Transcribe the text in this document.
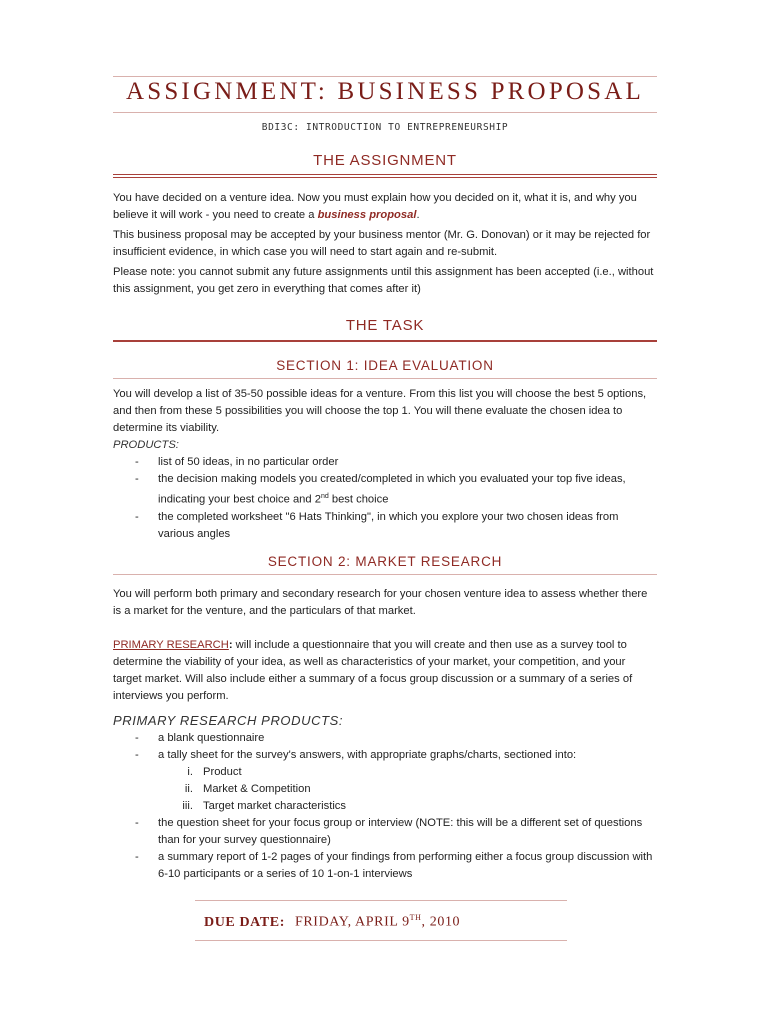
ASSIGNMENT: BUSINESS PROPOSAL
BDI3C: INTRODUCTION TO ENTREPRENEURSHIP
THE ASSIGNMENT

You have decided on a venture idea. Now you must explain how you decided on it, what it is, and why you believe it will work - you need to create a business proposal.

This business proposal may be accepted by your business mentor (Mr. G. Donovan) or it may be rejected for insufficient evidence, in which case you will need to start again and re-submit.

Please note: you cannot submit any future assignments until this assignment has been accepted (i.e., without this assignment, you get zero in everything that comes after it)

THE TASK
SECTION 1: IDEA EVALUATION

You will develop a list of 35-50 possible ideas for a venture. From this list you will choose the best 5 options, and then from these 5 possibilities you will choose the top 1. You will thene evaluate the chosen idea to determine its viability.

PRODUCTS:

- list of 50 ideas, in no particular order
- the decision making models you created/completed in which you evaluated your top five ideas, indicating your best choice and 2nd best choice
- the completed worksheet "6 Hats Thinking", in which you explore your two chosen ideas from various angles
SECTION 2: MARKET RESEARCH

You will perform both primary and secondary research for your chosen venture idea to assess whether there is a market for the venture, and the particulars of that market.

PRIMARY RESEARCH: will include a questionnaire that you will create and then use as a survey tool to determine the viability of your idea, as well as characteristics of your market, your competition, and your target market. Will also include either a summary of a focus group discussion or a summary of a series of interviews you perform.

PRIMARY RESEARCH PRODUCTS:

- a blank questionnaire
- a tally sheet for the survey's answers, with appropriate graphs/charts, sectioned into:
i. Product
ii. Market & Competition
iii. Target market characteristics
- the question sheet for your focus group or interview (NOTE: this will be a different set of questions than for your survey questionnaire)
- a summary report of 1-2 pages of your findings from performing either a focus group discussion with 6-10 participants or a series of 10 1-on-1 interviews
DUE DATE: FRIDAY, APRIL 9TH, 2010
